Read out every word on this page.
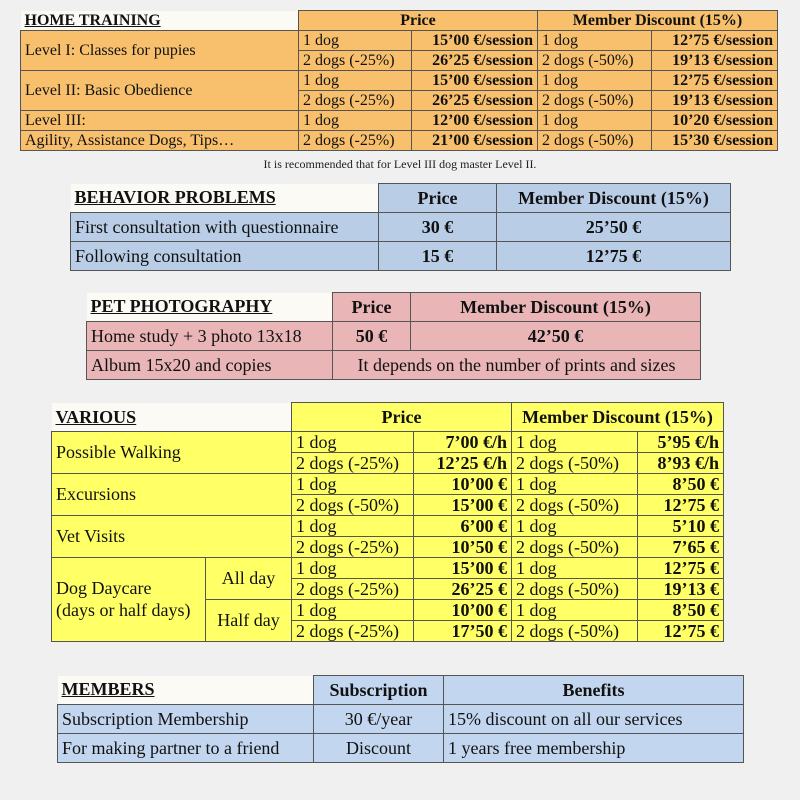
HOME TRAINING	Price		Member Discount (15%)	
Level I: Classes for pupies	1 dog	15’00 €/session	1 dog	12’75 €/session
	2 dogs (-25%)	26’25 €/session	2 dogs (-50%)	19’13 €/session
Level II: Basic Obedience	1 dog	15’00 €/session	1 dog	12’75 €/session
	2 dogs (-25%)	26’25 €/session	2 dogs (-50%)	19’13 €/session
Level III:	1 dog	12’00 €/session	1 dog	10’20 €/session
Agility, Assistance Dogs, Tips…	2 dogs (-25%)	21’00 €/session	2 dogs (-50%)	15’30 €/session
It is recommended that for Level III dog master Level II.
BEHAVIOR PROBLEMS	Price	Member Discount (15%)
First consultation with questionnaire	30 €	25’50 €
Following consultation	15 €	12’75 €
PET PHOTOGRAPHY	Price	Member Discount (15%)
Home study + 3 photo 13x18	50 €	42’50 €
Album 15x20 and copies	It depends on the number of prints and sizes	
VARIOUS		Price		Member Discount (15%)	
Possible Walking		1 dog	7’00 €/h	1 dog	5’95 €/h
		2 dogs (-25%)	12’25 €/h	2 dogs (-50%)	8’93 €/h
Excursions		1 dog	10’00 €	1 dog	8’50 €
		2 dogs (-50%)	15’00 €	2 dogs (-50%)	12’75 €
Vet Visits		1 dog	6’00 €	1 dog	5’10 €
		2 dogs (-25%)	10’50 €	2 dogs (-50%)	7’65 €

Dog Daycare
(days or half days)	All day	1 dog	15’00 €	1 dog	12’75 €
		2 dogs (-25%)	26’25 €	2 dogs (-50%)	19’13 €
	Half day	1 dog	10’00 €	1 dog	8’50 €
		2 dogs (-25%)	17’50 €	2 dogs (-50%)	12’75 €
MEMBERS	Subscription	Benefits
Subscription Membership	30 €/year	15% discount on all our services
For making partner to a friend	Discount	1 years free membership
